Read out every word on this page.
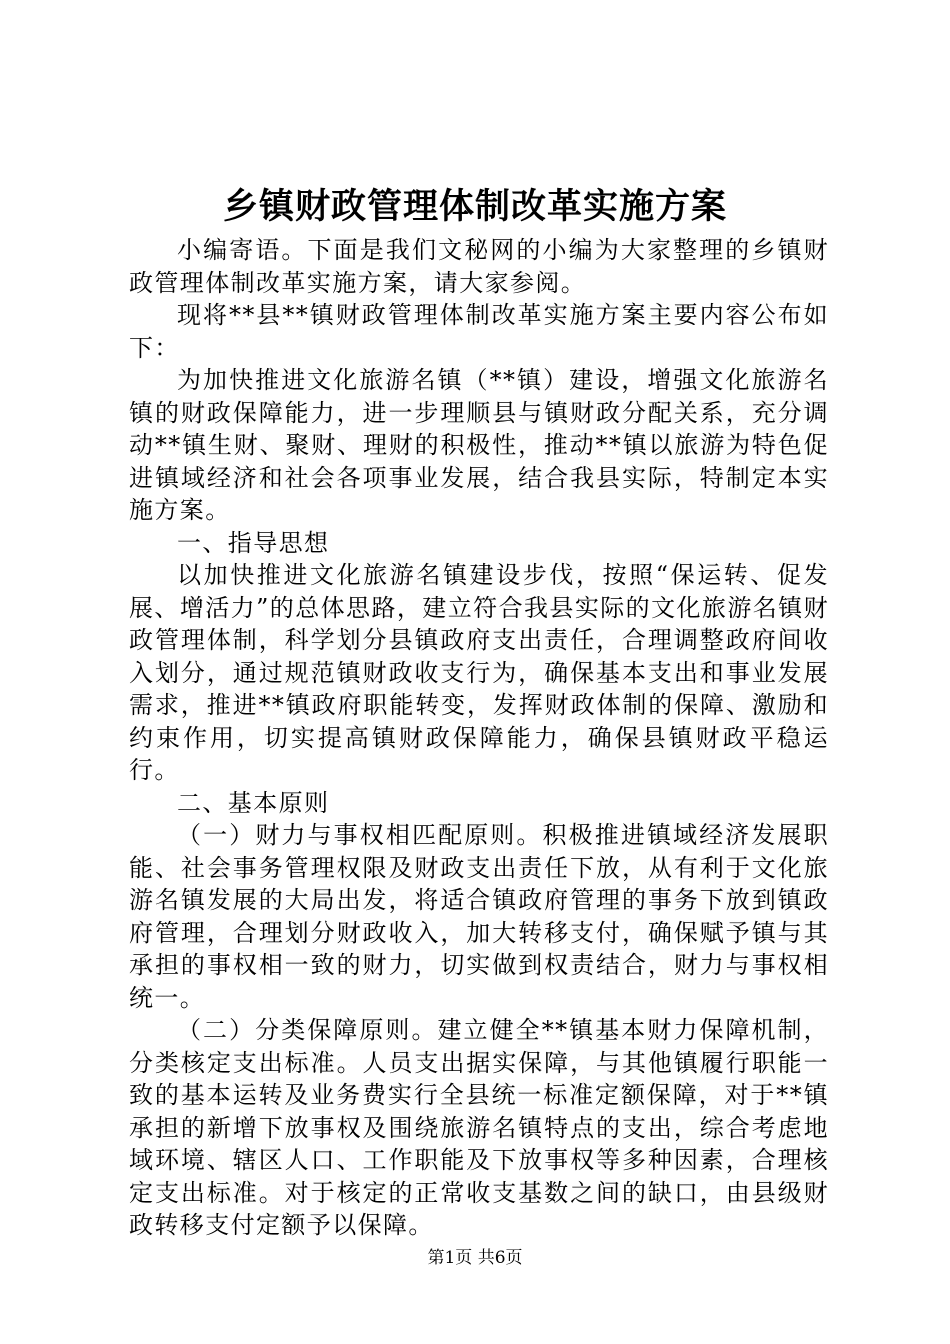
乡镇财政管理体制改革实施方案

小编寄语。下面是我们文秘网的小编为大家整理的乡镇财政管理体制改革实施方案，请大家参阅。

现将**县**镇财政管理体制改革实施方案主要内容公布如下：

为加快推进文化旅游名镇（**镇）建设，增强文化旅游名镇的财政保障能力，进一步理顺县与镇财政分配关系，充分调动**镇生财、聚财、理财的积极性，推动**镇以旅游为特色促进镇域经济和社会各项事业发展，结合我县实际，特制定本实施方案。

一、指导思想

以加快推进文化旅游名镇建设步伐，按照“保运转、促发展、增活力”的总体思路，建立符合我县实际的文化旅游名镇财政管理体制，科学划分县镇政府支出责任，合理调整政府间收入划分，通过规范镇财政收支行为，确保基本支出和事业发展需求，推进**镇政府职能转变，发挥财政体制的保障、激励和约束作用，切实提高镇财政保障能力，确保县镇财政平稳运行。

二、基本原则

（一）财力与事权相匹配原则。积极推进镇域经济发展职能、社会事务管理权限及财政支出责任下放，从有利于文化旅游名镇发展的大局出发，将适合镇政府管理的事务下放到镇政府管理，合理划分财政收入，加大转移支付，确保赋予镇与其承担的事权相一致的财力，切实做到权责结合，财力与事权相统一。

（二）分类保障原则。建立健全**镇基本财力保障机制，分类核定支出标准。人员支出据实保障，与其他镇履行职能一致的基本运转及业务费实行全县统一标准定额保障，对于**镇承担的新增下放事权及围绕旅游名镇特点的支出，综合考虑地域环境、辖区人口、工作职能及下放事权等多种因素，合理核定支出标准。对于核定的正常收支基数之间的缺口，由县级财政转移支付定额予以保障。

第1页 共6页
